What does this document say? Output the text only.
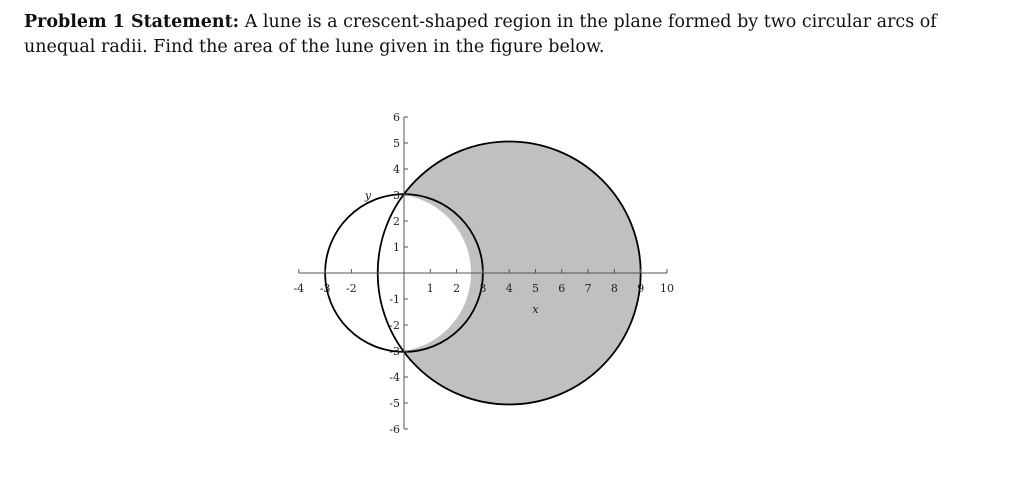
Problem 1 Statement: A lune is a crescent-shaped region in the plane formed by two circular arcs of unequal radii. Find the area of the lune given in the figure below.
-4 -3 -2	1 2 3 4 5 6 7 8 9 10
6
5
4
3
2
1
-1
-2
-3
-4
-5
-6
x
y
